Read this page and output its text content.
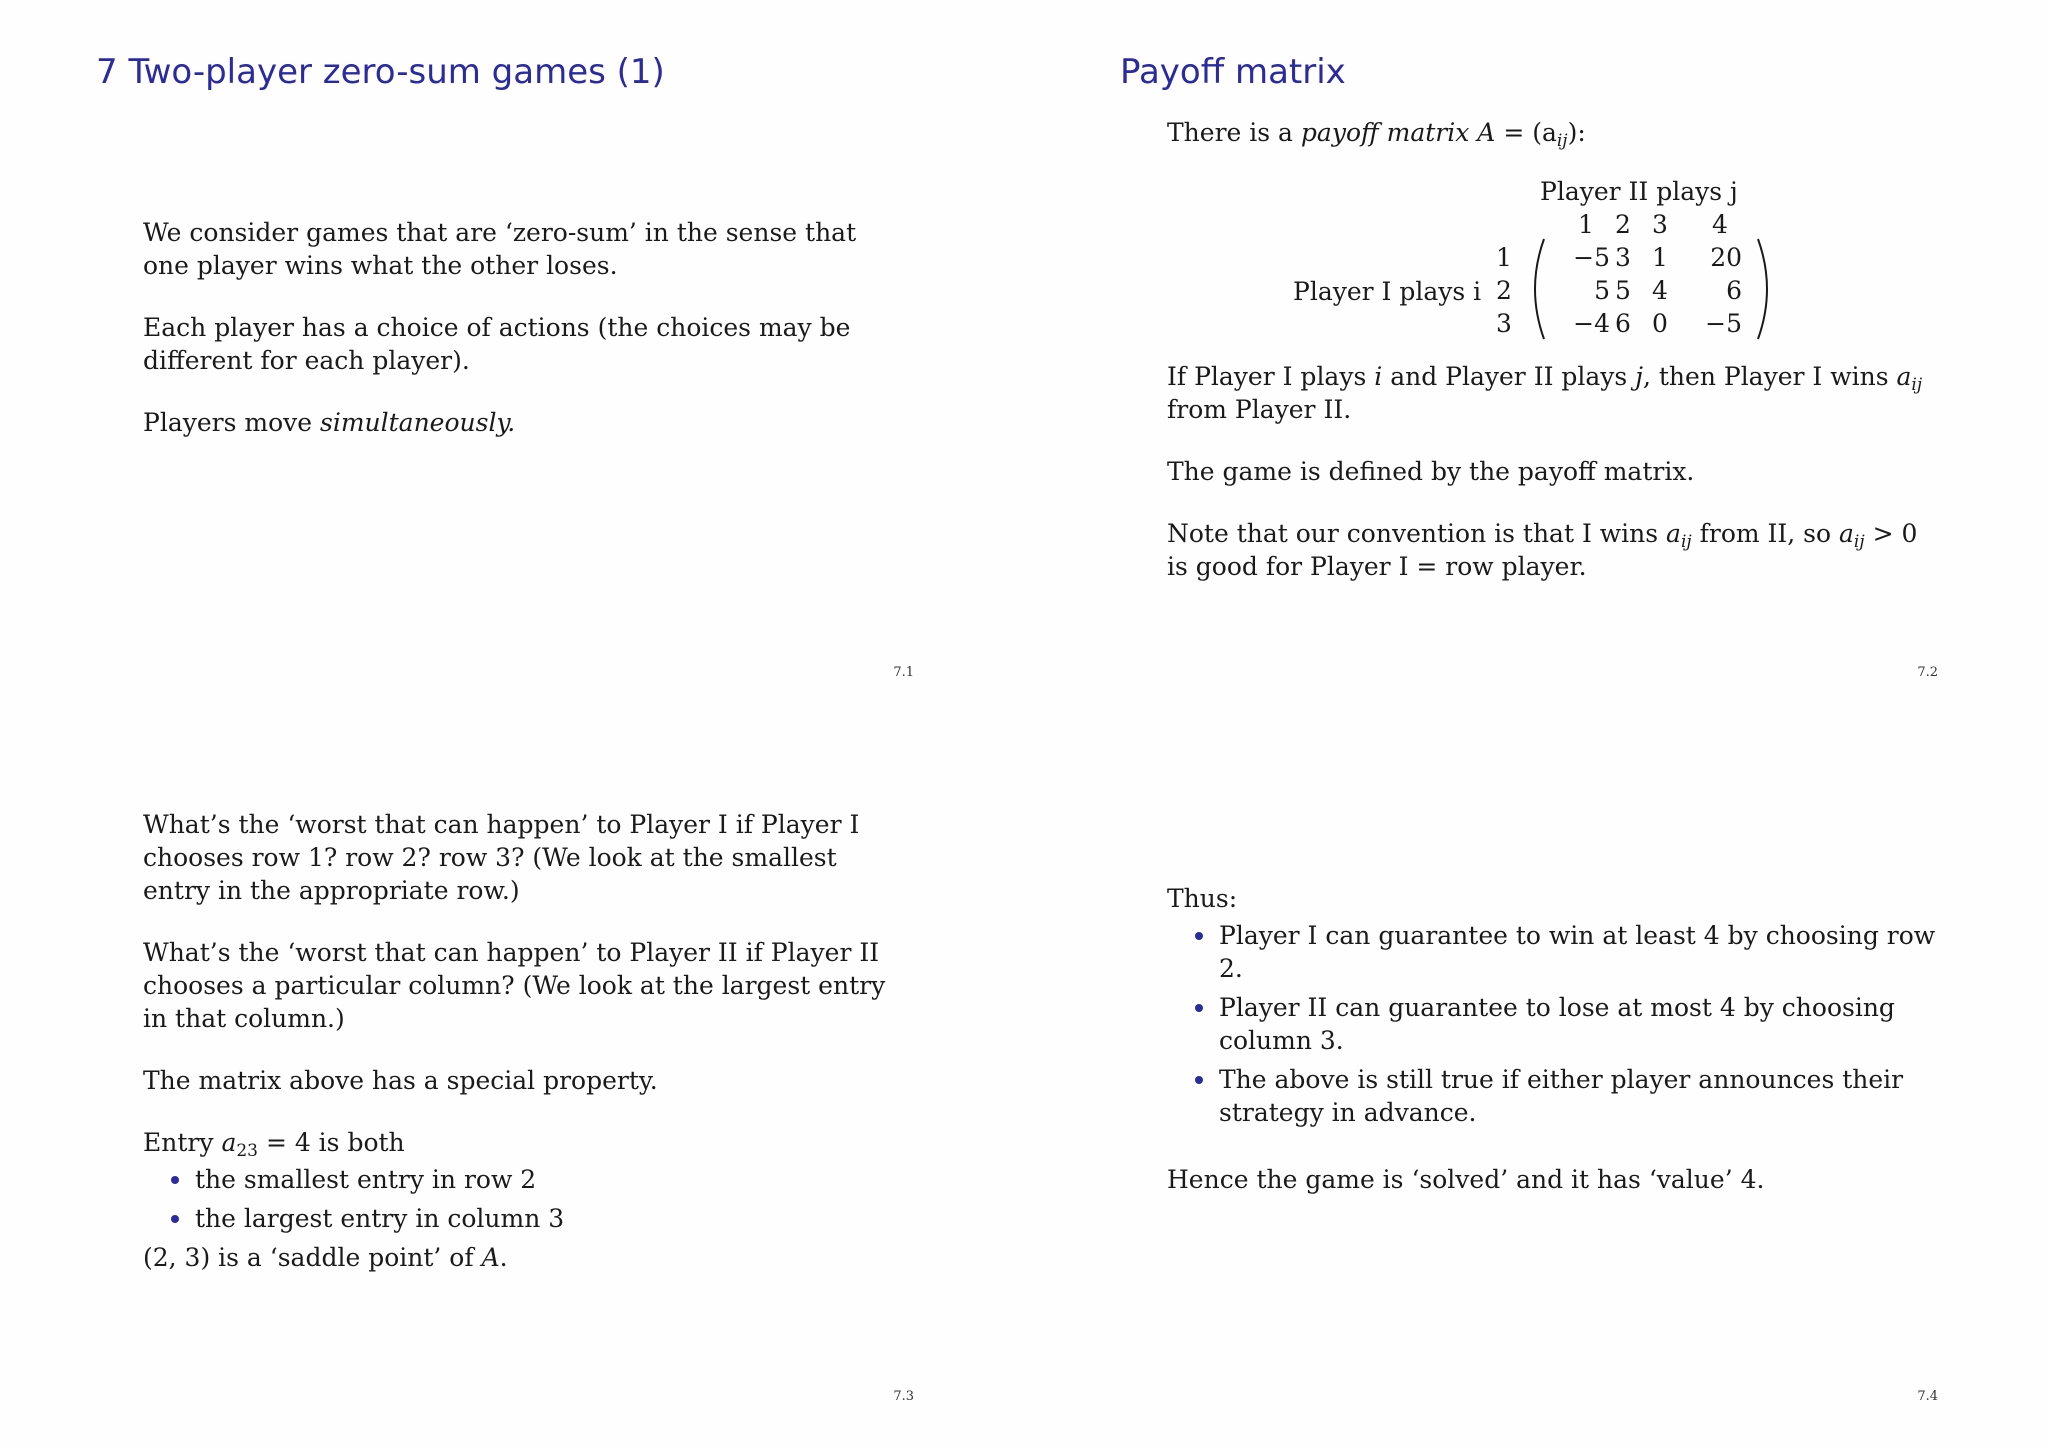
7 Two-player zero-sum games (1)

We consider games that are ‘zero-sum’ in the sense that one player wins what the other loses.

Each player has a choice of actions (the choices may be different for each player).

Players move simultaneously.

7.1
Payoff matrix
There is a payoff matrix $A = (a_{ij})$:
Player II plays j
Player I plays i
1 2 3 4
1
2
3
−5 3 1 20
5 5 4 6
−4 6 0 −5

If Player I plays i and Player II plays j, then Player I wins $a_{ij}$ from Player II.

The game is defined by the payoff matrix.

Note that our convention is that I wins $a_{ij}$ from II, so $a_{ij} > 0$ is good for Player I = row player.

7.2

What’s the ‘worst that can happen’ to Player I if Player I chooses row 1? row 2? row 3? (We look at the smallest entry in the appropriate row.)

What’s the ‘worst that can happen’ to Player II if Player II chooses a particular column? (We look at the largest entry in that column.)

The matrix above has a special property.

Entry $a_{23} = 4$ is both

the smallest entry in row 2
the largest entry in column 3

(2, 3) is a ‘saddle point’ of A.

7.3

Thus:

Player I can guarantee to win at least 4 by choosing row 2.
Player II can guarantee to lose at most 4 by choosing column 3.
The above is still true if either player announces their strategy in advance.

Hence the game is ‘solved’ and it has ‘value’ 4.

7.4
